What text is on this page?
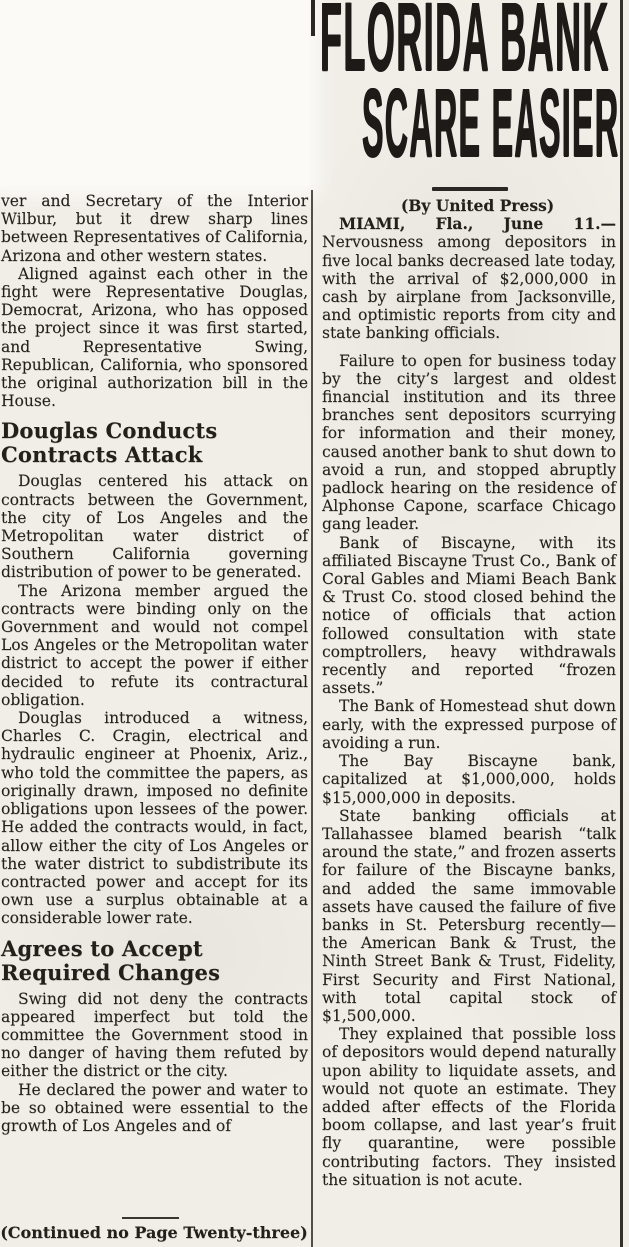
FLORIDA BANK
SCARE EASIER

ver and Secretary of the Interior Wilbur, but it drew sharp lines between Representatives of California, Arizona and other western states.

Aligned against each other in the fight were Representative Douglas, Democrat, Arizona, who has opposed the project since it was first started, and Representative Swing, Republican, California, who sponsored the original authorization bill in the House.

Douglas Conducts
Contracts Attack

Douglas centered his attack on contracts between the Government, the city of Los Angeles and the Metropolitan water district of Southern California governing distribution of power to be generated.

The Arizona member argued the contracts were binding only on the Government and would not compel Los Angeles or the Metropolitan water district to accept the power if either decided to refute its contractural obligation.

Douglas introduced a witness, Charles C. Cragin, electrical and hydraulic engineer at Phoenix, Ariz., who told the committee the papers, as originally drawn, imposed no definite obligations upon lessees of the power. He added the contracts would, in fact, allow either the city of Los Angeles or the water district to subdistribute its contracted power and accept for its own use a surplus obtainable at a considerable lower rate.

Agrees to Accept
Required Changes

Swing did not deny the contracts appeared imperfect but told the committee the Government stood in no danger of having them refuted by either the district or the city.

He declared the power and water to be so obtained were essential to the growth of Los Angeles and of

(Continued no Page Twenty-three)

(By United Press)

MIAMI, Fla., June 11.—Nervousness among depositors in five local banks decreased late today, with the arrival of $2,000,000 in cash by airplane from Jacksonville, and optimistic reports from city and state banking officials.

Failure to open for business today by the city’s largest and oldest financial institution and its three branches sent depositors scurrying for information and their money, caused another bank to shut down to avoid a run, and stopped abruptly padlock hearing on the residence of Alphonse Capone, scarface Chicago gang leader.

Bank of Biscayne, with its affiliated Biscayne Trust Co., Bank of Coral Gables and Miami Beach Bank & Trust Co. stood closed behind the notice of officials that action followed consultation with state comptrollers, heavy withdrawals recently and reported “frozen assets.”

The Bank of Homestead shut down early, with the expressed purpose of avoiding a run.

The Bay Biscayne bank, capitalized at $1,000,000, holds $15,000,000 in deposits.

State banking officials at Tallahassee blamed bearish “talk around the state,” and frozen asserts for failure of the Biscayne banks, and added the same immovable assets have caused the failure of five banks in St. Petersburg recently—the American Bank & Trust, the Ninth Street Bank & Trust, Fidelity, First Security and First National, with total capital stock of $1,500,000.

They explained that possible loss of depositors would depend naturally upon ability to liquidate assets, and would not quote an estimate. They added after effects of the Florida boom collapse, and last year’s fruit fly quarantine, were possible contributing factors. They insisted the situation is not acute.
